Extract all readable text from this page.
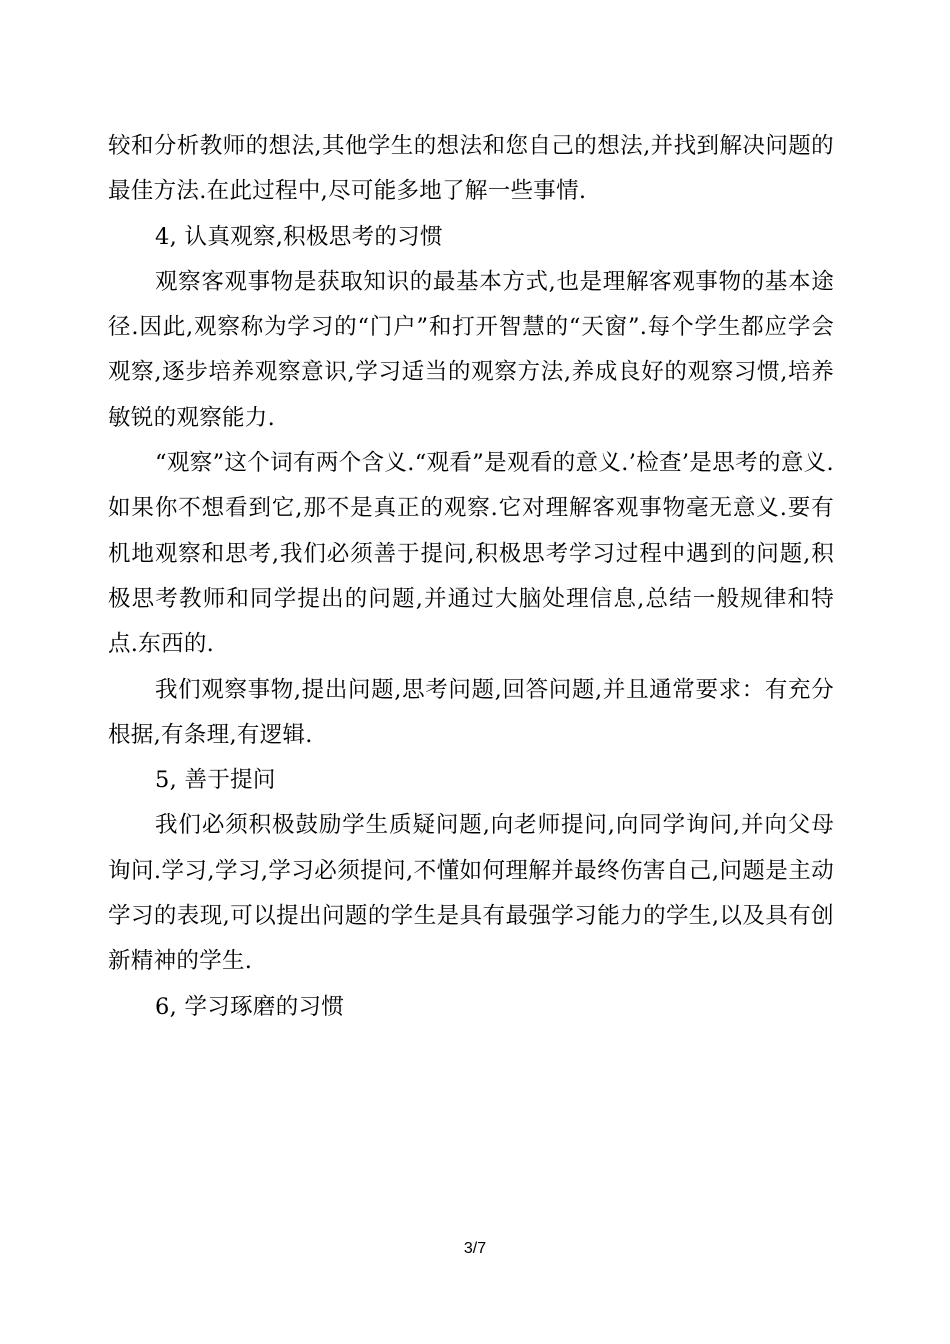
较和分析教师的想法,其他学生的想法和您自己的想法,并找到解决问题的最佳方法.在此过程中,尽可能多地了解一些事情.

4, 认真观察,积极思考的习惯

观察客观事物是获取知识的最基本方式,也是理解客观事物的基本途径.因此,观察称为学习的“门户”和打开智慧的“天窗”.每个学生都应学会观察,逐步培养观察意识,学习适当的观察方法,养成良好的观察习惯,培养敏锐的观察能力.

“观察”这个词有两个含义.“观看”是观看的意义.’检查’是思考的意义.如果你不想看到它,那不是真正的观察.它对理解客观事物毫无意义.要有机地观察和思考,我们必须善于提问,积极思考学习过程中遇到的问题,积极思考教师和同学提出的问题,并通过大脑处理信息,总结一般规律和特点.东西的.

我们观察事物,提出问题,思考问题,回答问题,并且通常要求：有充分根据,有条理,有逻辑.

5, 善于提问

我们必须积极鼓励学生质疑问题,向老师提问,向同学询问,并向父母询问.学习,学习,学习必须提问,不懂如何理解并最终伤害自己,问题是主动学习的表现,可以提出问题的学生是具有最强学习能力的学生,以及具有创新精神的学生.

6, 学习琢磨的习惯

3/7
